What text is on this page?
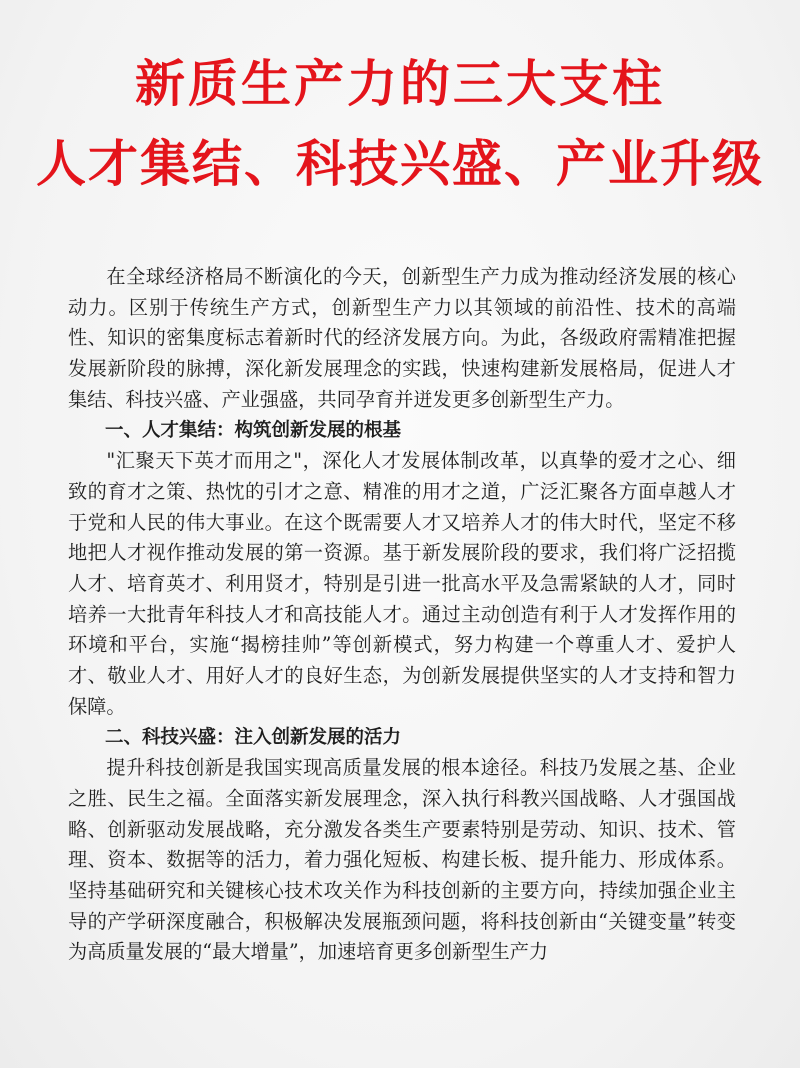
新质生产力的三大支柱
人才集结、科技兴盛、产业升级

在全球经济格局不断演化的今天，创新型生产力成为推动经济发展的核心动力。区别于传统生产方式，创新型生产力以其领域的前沿性、技术的高端性、知识的密集度标志着新时代的经济发展方向。为此，各级政府需精准把握发展新阶段的脉搏，深化新发展理念的实践，快速构建新发展格局，促进人才集结、科技兴盛、产业强盛，共同孕育并迸发更多创新型生产力。

一、人才集结：构筑创新发展的根基

"汇聚天下英才而用之"，深化人才发展体制改革，以真挚的爱才之心、细致的育才之策、热忱的引才之意、精准的用才之道，广泛汇聚各方面卓越人才于党和人民的伟大事业。在这个既需要人才又培养人才的伟大时代，坚定不移地把人才视作推动发展的第一资源。基于新发展阶段的要求，我们将广泛招揽人才、培育英才、利用贤才，特别是引进一批高水平及急需紧缺的人才，同时培养一大批青年科技人才和高技能人才。通过主动创造有利于人才发挥作用的环境和平台，实施“揭榜挂帅”等创新模式，努力构建一个尊重人才、爱护人才、敬业人才、用好人才的良好生态，为创新发展提供坚实的人才支持和智力保障。

二、科技兴盛：注入创新发展的活力

提升科技创新是我国实现高质量发展的根本途径。科技乃发展之基、企业之胜、民生之福。全面落实新发展理念，深入执行科教兴国战略、人才强国战略、创新驱动发展战略，充分激发各类生产要素特别是劳动、知识、技术、管理、资本、数据等的活力，着力强化短板、构建长板、提升能力、形成体系。坚持基础研究和关键核心技术攻关作为科技创新的主要方向，持续加强企业主导的产学研深度融合，积极解决发展瓶颈问题，将科技创新由“关键变量”转变为高质量发展的“最大增量”，加速培育更多创新型生产力
